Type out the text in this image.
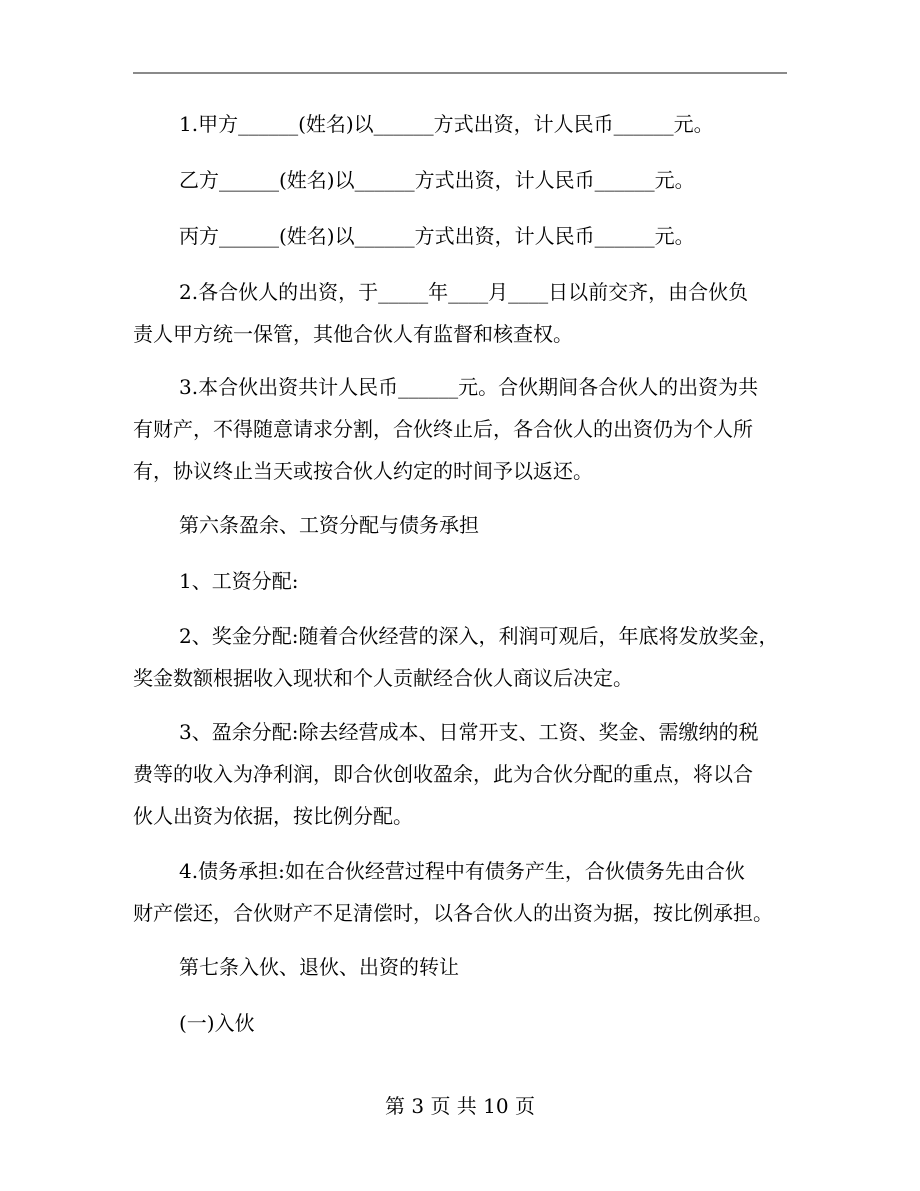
1.甲方______(姓名)以______方式出资，计人民币______元。
乙方______(姓名)以______方式出资，计人民币______元。
丙方______(姓名)以______方式出资，计人民币______元。
2.各合伙人的出资，于_____年____月____日以前交齐，由合伙负
责人甲方统一保管，其他合伙人有监督和核查权。
3.本合伙出资共计人民币______元。合伙期间各合伙人的出资为共
有财产，不得随意请求分割，合伙终止后，各合伙人的出资仍为个人所
有，协议终止当天或按合伙人约定的时间予以返还。
第六条盈余、工资分配与债务承担
1、工资分配:
2、奖金分配:随着合伙经营的深入，利润可观后，年底将发放奖金，
奖金数额根据收入现状和个人贡献经合伙人商议后决定。
3、盈余分配:除去经营成本、日常开支、工资、奖金、需缴纳的税
费等的收入为净利润，即合伙创收盈余，此为合伙分配的重点，将以合
伙人出资为依据，按比例分配。
4.债务承担:如在合伙经营过程中有债务产生，合伙债务先由合伙
财产偿还，合伙财产不足清偿时，以各合伙人的出资为据，按比例承担。
第七条入伙、退伙、出资的转让
(一)入伙
第 3 页 共 10 页
